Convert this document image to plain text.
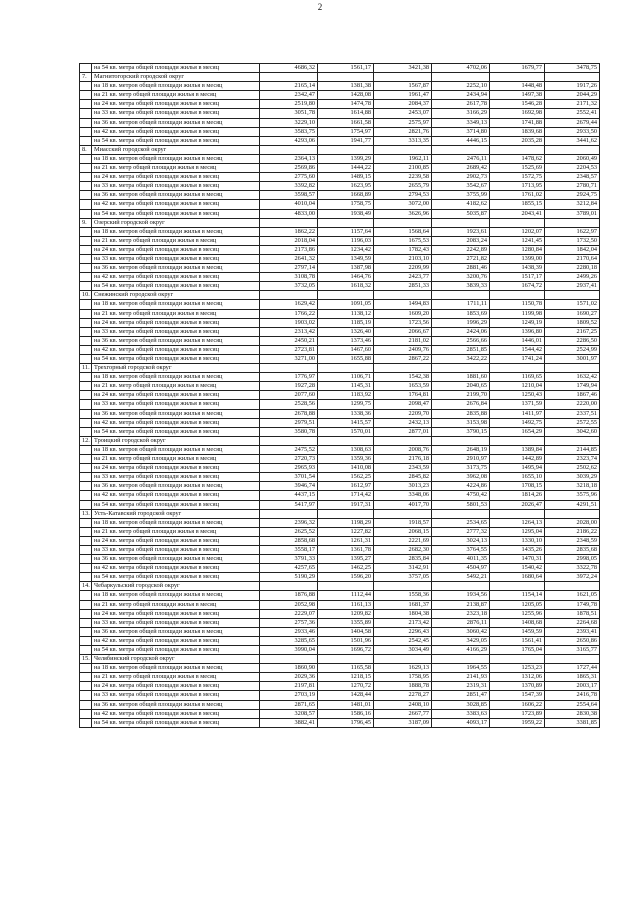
2
	на 54 кв. метра общей площади жилья в месяц	4686,32	1561,17	3421,38	4702,06	1679,77	3478,75
7.	Магнитогорский городской округ						
	на 18 кв. метров общей площади жилья в месяц	2165,14	1381,38	1567,87	2252,10	1448,48	1917,26
	на 21 кв. метр общей площади жилья в месяц	2342,47	1428,08	1961,47	2434,94	1497,38	2044,29
	на 24 кв. метра общей площади жилья в месяц	2519,80	1474,78	2084,37	2617,78	1546,28	2171,32
	на 33 кв. метра общей площади жилья в месяц	3051,78	1614,88	2453,07	3166,29	1692,98	2552,41
	на 36 кв. метров общей площади жилья в месяц	3229,10	1661,58	2575,97	3349,13	1741,88	2679,44
	на 42 кв. метра общей площади жилья в месяц	3583,75	1754,97	2821,76	3714,80	1839,68	2933,50
	на 54 кв. метра общей площади жилья в месяц	4293,06	1941,77	3313,35	4446,15	2035,28	3441,62
8.	Миасский городской округ						
	на 18 кв. метров общей площади жилья в месяц	2364,13	1399,29	1962,11	2476,11	1478,62	2060,49
	на 21 кв. метр общей площади жилья в месяц	2569,86	1444,22	2100,85	2689,42	1525,69	2204,53
	на 24 кв. метра общей площади жилья в месяц	2775,60	1489,15	2239,58	2902,73	1572,75	2348,57
	на 33 кв. метра общей площади жилья в месяц	3392,82	1623,95	2655,79	3542,67	1713,95	2780,71
	на 36 кв. метров общей площади жилья в месяц	3598,57	1668,89	2794,53	3755,99	1761,02	2924,75
	на 42 кв. метра общей площади жилья в месяц	4010,04	1758,75	3072,00	4182,62	1855,15	3212,84
	на 54 кв. метра общей площади жилья в месяц	4833,00	1938,49	3626,96	5035,87	2043,41	3789,01
9.	Озерский городской округ						
	на 18 кв. метров общей площади жилья в месяц	1862,22	1157,64	1568,64	1923,61	1202,07	1622,97
	на 21 кв. метр общей площади жилья в месяц	2018,04	1196,03	1675,53	2083,24	1241,45	1732,50
	на 24 кв. метра общей площади жилья в месяц	2173,86	1234,42	1782,43	2242,89	1280,84	1842,04
	на 33 кв. метра общей площади жилья в месяц	2641,32	1349,59	2103,10	2721,82	1399,00	2170,64
	на 36 кв. метров общей площади жилья в месяц	2797,14	1387,98	2209,99	2881,46	1438,39	2280,18
	на 42 кв. метра общей площади жилья в месяц	3108,78	1464,76	2423,77	3200,76	1517,17	2499,26
	на 54 кв. метра общей площади жилья в месяц	3732,05	1618,32	2851,33	3839,33	1674,72	2937,41
10.	Снежинский городской округ						
	на 18 кв. метров общей площади жилья в месяц	1629,42	1091,05	1494,83	1711,11	1150,78	1571,02
	на 21 кв. метр общей площади жилья в месяц	1766,22	1138,12	1609,20	1853,69	1199,98	1690,27
	на 24 кв. метра общей площади жилья в месяц	1903,02	1185,19	1723,56	1996,29	1249,19	1809,52
	на 33 кв. метра общей площади жилья в месяц	2313,42	1326,40	2066,67	2424,06	1396,80	2167,25
	на 36 кв. метров общей площади жилья в месяц	2450,21	1373,46	2181,02	2566,66	1446,01	2286,50
	на 42 кв. метра общей площади жилья в месяц	2723,81	1467,60	2409,76	2851,85	1544,42	2524,99
	на 54 кв. метра общей площади жилья в месяц	3271,00	1655,88	2867,22	3422,22	1741,24	3001,97
11.	Трехгорный городской округ						
	на 18 кв. метров общей площади жилья в месяц	1776,97	1106,71	1542,38	1881,60	1169,65	1632,42
	на 21 кв. метр общей площади жилья в месяц	1927,28	1145,31	1653,59	2040,65	1210,04	1749,94
	на 24 кв. метра общей площади жилья в месяц	2077,60	1183,92	1764,81	2199,70	1250,43	1867,46
	на 33 кв. метра общей площади жилья в месяц	2528,56	1299,75	2098,47	2676,84	1371,59	2220,00
	на 36 кв. метров общей площади жилья в месяц	2678,88	1338,36	2209,70	2835,88	1411,97	2337,51
	на 42 кв. метра общей площади жилья в месяц	2979,51	1415,57	2432,13	3153,98	1492,75	2572,55
	на 54 кв. метра общей площади жилья в месяц	3580,78	1570,01	2877,01	3790,15	1654,29	3042,60
12.	Троицкий городской округ						
	на 18 кв. метров общей площади жилья в месяц	2475,52	1308,63	2008,76	2648,19	1389,84	2144,85
	на 21 кв. метр общей площади жилья в месяц	2720,73	1359,36	2176,18	2910,97	1442,89	2323,74
	на 24 кв. метра общей площади жилья в месяц	2965,93	1410,08	2343,59	3173,75	1495,94	2502,62
	на 33 кв. метра общей площади жилья в месяц	3701,54	1562,25	2845,82	3962,08	1655,10	3039,29
	на 36 кв. метров общей площади жилья в месяц	3946,74	1612,97	3013,23	4224,86	1708,15	3218,18
	на 42 кв. метра общей площади жилья в месяц	4437,15	1714,42	3348,06	4750,42	1814,26	3575,96
	на 54 кв. метра общей площади жилья в месяц	5417,97	1917,31	4017,70	5801,53	2026,47	4291,51
13.	Усть-Катавский городской округ						
	на 18 кв. метров общей площади жилья в месяц	2396,32	1198,29	1918,57	2534,65	1264,13	2028,00
	на 21 кв. метр общей площади жилья в месяц	2625,52	1227,82	2068,15	2777,32	1295,04	2186,22
	на 24 кв. метра общей площади жилья в месяц	2858,68	1261,31	2221,69	3024,13	1330,10	2348,59
	на 33 кв. метра общей площади жилья в месяц	3558,17	1361,78	2682,30	3764,55	1435,26	2835,68
	на 36 кв. метров общей площади жилья в месяц	3791,33	1395,27	2835,84	4011,35	1470,31	2998,05
	на 42 кв. метра общей площади жилья в месяц	4257,65	1462,25	3142,91	4504,97	1540,42	3322,78
	на 54 кв. метра общей площади жилья в месяц	5190,29	1596,20	3757,05	5492,21	1680,64	3972,24
14.	Чебаркульский городской округ						
	на 18 кв. метров общей площади жилья в месяц	1876,88	1112,44	1558,36	1934,56	1154,14	1621,05
	на 21 кв. метр общей площади жилья в месяц	2052,98	1161,13	1681,37	2138,87	1205,05	1749,78
	на 24 кв. метра общей площади жилья в месяц	2229,07	1209,82	1804,38	2323,18	1255,96	1878,51
	на 33 кв. метра общей площади жилья в месяц	2757,36	1355,89	2173,42	2876,11	1408,68	2264,68
	на 36 кв. метров общей площади жилья в месяц	2933,46	1404,58	2296,43	3060,42	1459,59	2393,41
	на 42 кв. метра общей площади жилья в месяц	3285,65	1501,96	2542,45	3429,05	1561,41	2650,86
	на 54 кв. метра общей площади жилья в месяц	3990,04	1696,72	3034,49	4166,29	1765,04	3165,77
15.	Челябинский городской округ						
	на 18 кв. метров общей площади жилья в месяц	1860,90	1165,58	1629,13	1964,55	1253,23	1727,44
	на 21 кв. метр общей площади жилья в месяц	2029,36	1218,15	1758,95	2141,93	1312,06	1865,31
	на 24 кв. метра общей площади жилья в месяц	2197,81	1270,72	1888,78	2319,31	1370,89	2003,17
	на 33 кв. метра общей площади жилья в месяц	2703,19	1428,44	2278,27	2851,47	1547,39	2416,78
	на 36 кв. метров общей площади жилья в месяц	2871,65	1481,01	2408,10	3028,85	1606,22	2554,64
	на 42 кв. метра общей площади жилья в месяц	3208,57	1586,16	2667,77	3383,63	1723,89	2830,38
	на 54 кв. метра общей площади жилья в месяц	3882,41	1796,45	3187,09	4093,17	1959,22	3381,85
